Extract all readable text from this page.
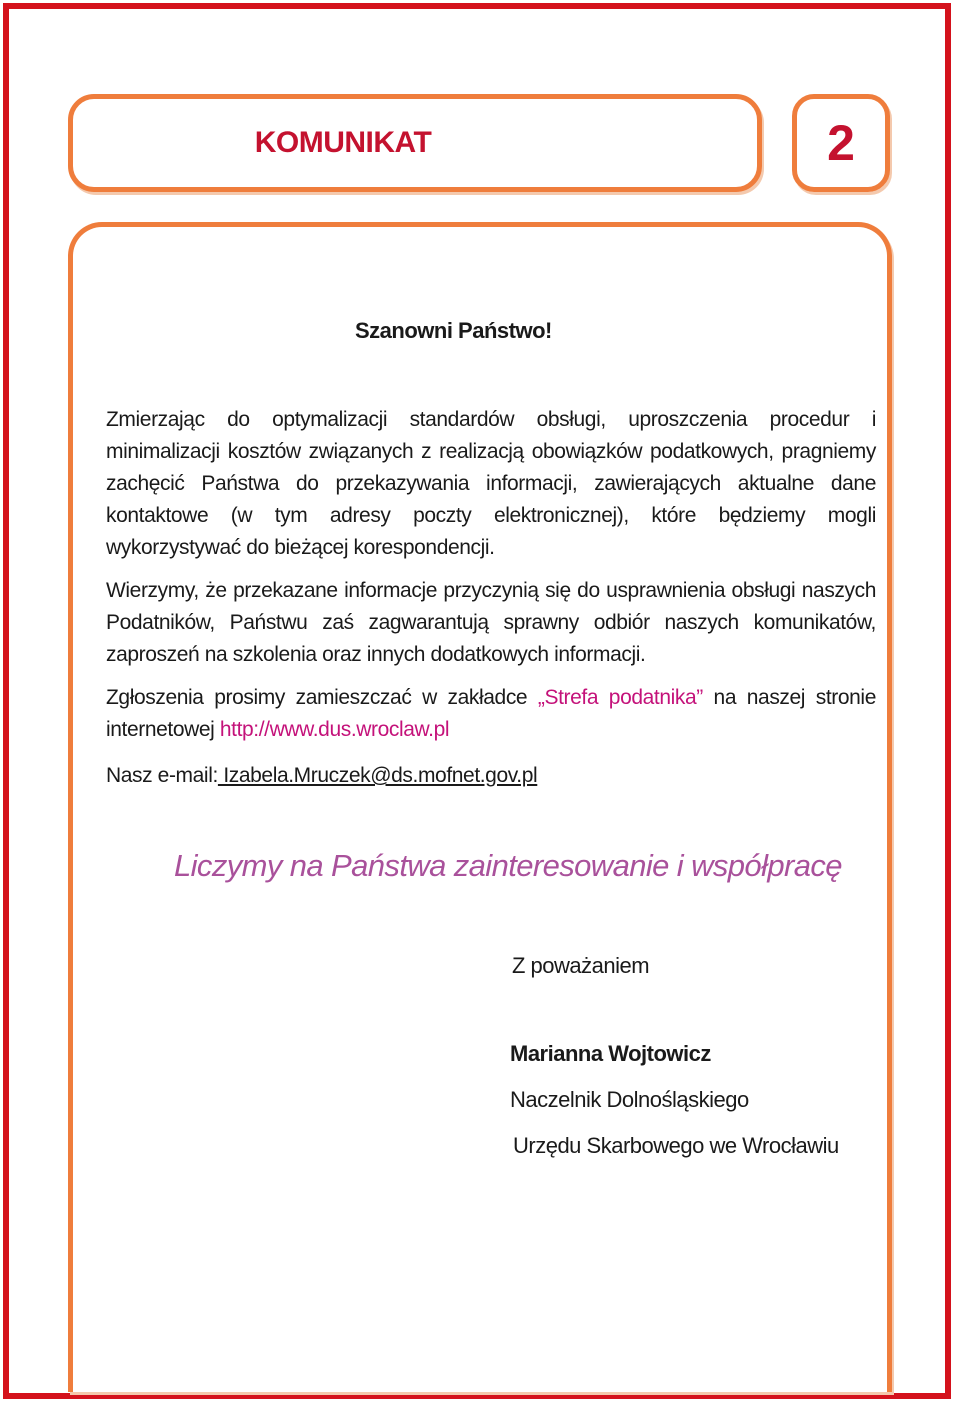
KOMUNIKAT	2
Szanowni Państwo!
Zmierzając do optymalizacji standardów obsługi, uproszczenia procedur i minimalizacji kosztów związanych z realizacją obowiązków podatkowych, pragniemy zachęcić Państwa do przekazywania informacji, zawierających aktualne dane kontaktowe (w tym adresy poczty elektronicznej), które będziemy mogli wykorzystywać do bieżącej korespondencji.
Wierzymy, że przekazane informacje przyczynią się do usprawnienia obsługi naszych Podatników, Państwu zaś zagwarantują sprawny odbiór naszych komunikatów, zaproszeń na szkolenia oraz innych dodatkowych informacji.
Zgłoszenia prosimy zamieszczać w zakładce „Strefa podatnika” na naszej stronie internetowej http://www.dus.wroclaw.pl
Nasz e-mail: Izabela.Mruczek@ds.mofnet.gov.pl
Liczymy na Państwa zainteresowanie i współpracę
Z poważaniem
Marianna Wojtowicz
Naczelnik Dolnośląskiego
Urzędu Skarbowego we Wrocławiu
